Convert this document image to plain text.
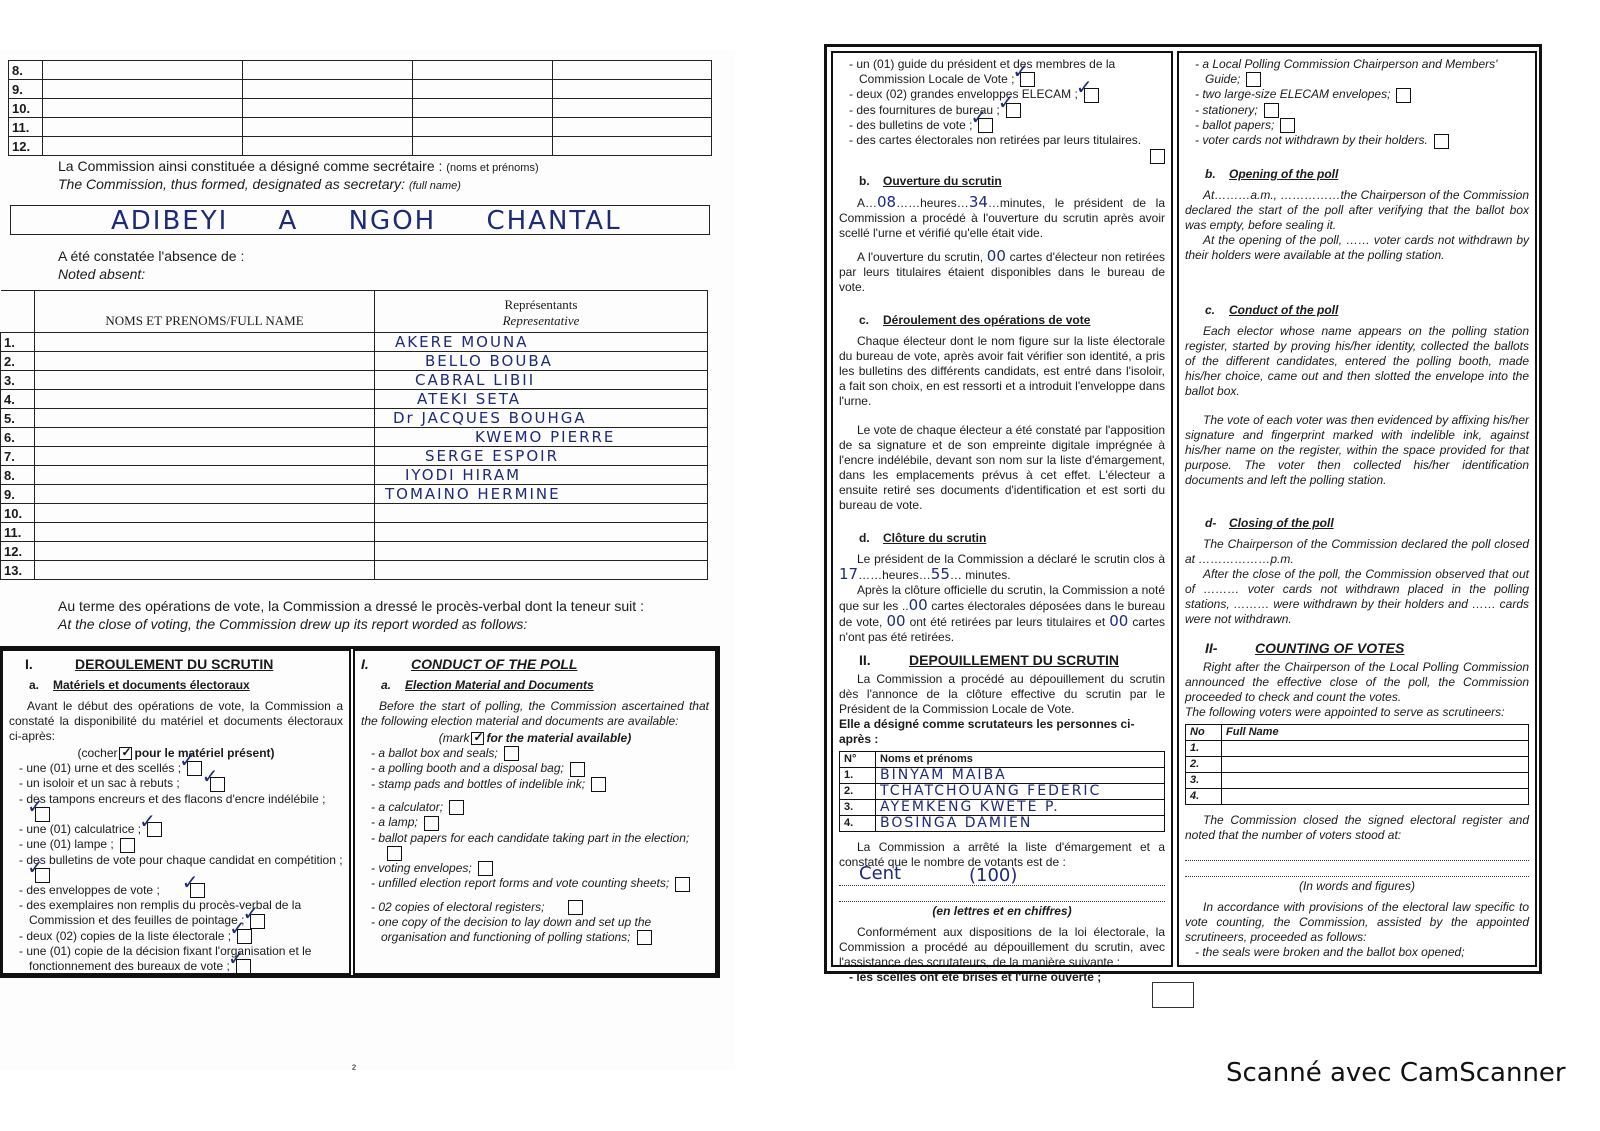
8.				
9.				
10.				
11.				
12.				
La Commission ainsi constituée a désigné comme secrétaire : (noms et prénoms)
The Commission, thus formed, designated as secretary: (full name)
ADIBEYI A NGOH CHANTAL
A été constatée l'absence de :
Noted absent:
	NOMS ET PRENOMS/FULL NAME	Représentants
Representative

1.		AKERE MOUNA
2.		BELLO BOUBA
3.		CABRAL LIBII
4.		ATEKI SETA
5.		Dr JACQUES BOUHGA
6.		KWEMO PIERRE
7.		SERGE ESPOIR
8.		IYODI HIRAM
9.		TOMAINO HERMINE
10.		
11.		
12.		
13.		
Au terme des opérations de vote, la Commission a dressé le procès-verbal dont la teneur suit :
At the close of voting, the Commission drew up its report worded as follows:
I.	DEROULEMENT DU SCRUTIN
a. Matériels et documents électoraux
Avant le début des opérations de vote, la Commission a constaté la disponibilité du matériel et documents électoraux ci-après:
(cocher ✓ pour le matériel présent)
- une (01) urne et des scellés ;✓
- un isoloir et un sac à rebuts ;✓
- des tampons encreurs et des flacons d'encre indélébile ;✓
- une (01) calculatrice ;✓
- une (01) lampe ;
- des bulletins de vote pour chaque candidat en compétition ;✓
- des enveloppes de vote ;✓
- des exemplaires non remplis du procès-verbal de la Commission et des feuilles de pointage ;✓
- deux (02) copies de la liste électorale ;✓
- une (01) copie de la décision fixant l'organisation et le fonctionnement des bureaux de vote ;✓
I.	CONDUCT OF THE POLL
a. Election Material and Documents
Before the start of polling, the Commission ascertained that the following election material and documents are available:
(mark ✓ for the material available)
- a ballot box and seals;
- a polling booth and a disposal bag;
- stamp pads and bottles of indelible ink;
- a calculator;
- a lamp;
- ballot papers for each candidate taking part in the election;
- voting envelopes;
- unfilled election report forms and vote counting sheets;
- 02 copies of electoral registers;
- one copy of the decision to lay down and set up the organisation and functioning of polling stations;
²
- un (01) guide du président et des membres de la Commission Locale de Vote ;✓
- deux (02) grandes enveloppes ELECAM ;✓
- des fournitures de bureau ;✓
- des bulletins de vote ;✓
- des cartes électorales non retirées par leurs titulaires.
b. Ouverture du scrutin
A…08……heures…34…minutes, le président de la Commission a procédé à l'ouverture du scrutin après avoir scellé l'urne et vérifié qu'elle était vide.
A l'ouverture du scrutin, 00 cartes d'électeur non retirées par leurs titulaires étaient disponibles dans le bureau de vote.
c. Déroulement des opérations de vote
Chaque électeur dont le nom figure sur la liste électorale du bureau de vote, après avoir fait vérifier son identité, a pris les bulletins des différents candidats, est entré dans l'isoloir, a fait son choix, en est ressorti et a introduit l'enveloppe dans l'urne.
Le vote de chaque électeur a été constaté par l'apposition de sa signature et de son empreinte digitale imprégnée à l'encre indélébile, devant son nom sur la liste d'émargement, dans les emplacements prévus à cet effet. L'électeur a ensuite retiré ses documents d'identification et est sorti du bureau de vote.
d. Clôture du scrutin
Le président de la Commission a déclaré le scrutin clos à 17……heures…55… minutes.
Après la clôture officielle du scrutin, la Commission a noté que sur les ..00 cartes électorales déposées dans le bureau de vote, 00 ont été retirées par leurs titulaires et 00 cartes n'ont pas été retirées.
II.	DEPOUILLEMENT DU SCRUTIN
La Commission a procédé au dépouillement du scrutin dès l'annonce de la clôture effective du scrutin par le Président de la Commission Locale de Vote.
Elle a désigné comme scrutateurs les personnes ci-après :
N°	Noms et prénoms
1.	BINYAM MAIBA
2.	TCHATCHOUANG FEDERIC
3.	AYEMKENG KWETE P.
4.	BOSINGA DAMIEN
La Commission a arrêté la liste d'émargement et a constaté que le nombre de votants est de :
Cent	(100)
(en lettres et en chiffres)
Conformément aux dispositions de la loi électorale, la Commission a procédé au dépouillement du scrutin, avec l'assistance des scrutateurs, de la manière suivante :
- les scellés ont été brisés et l'urne ouverte ;
- a Local Polling Commission Chairperson and Members' Guide;
- two large-size ELECAM envelopes;
- stationery;
- ballot papers;
- voter cards not withdrawn by their holders.
b. Opening of the poll
At………a.m., ……………the Chairperson of the Commission declared the start of the poll after verifying that the ballot box was empty, before sealing it.
At the opening of the poll, …… voter cards not withdrawn by their holders were available at the polling station.
c. Conduct of the poll
Each elector whose name appears on the polling station register, started by proving his/her identity, collected the ballots of the different candidates, entered the polling booth, made his/her choice, came out and then slotted the envelope into the ballot box.
The vote of each voter was then evidenced by affixing his/her signature and fingerprint marked with indelible ink, against his/her name on the register, within the space provided for that purpose. The voter then collected his/her identification documents and left the polling station.
d- Closing of the poll
The Chairperson of the Commission declared the poll closed at ………………p.m.
After the close of the poll, the Commission observed that out of ……… voter cards not withdrawn placed in the polling stations, ……… were withdrawn by their holders and …… cards were not withdrawn.
II-	COUNTING OF VOTES
Right after the Chairperson of the Local Polling Commission announced the effective close of the poll, the Commission proceeded to check and count the votes.
The following voters were appointed to serve as scrutineers:
No	Full Name
1.	
2.	
3.	
4.	
The Commission closed the signed electoral register and noted that the number of voters stood at:
(In words and figures)
In accordance with provisions of the electoral law specific to vote counting, the Commission, assisted by the appointed scrutineers, proceeded as follows:
- the seals were broken and the ballot box opened;
Scanné avec CamScanner
